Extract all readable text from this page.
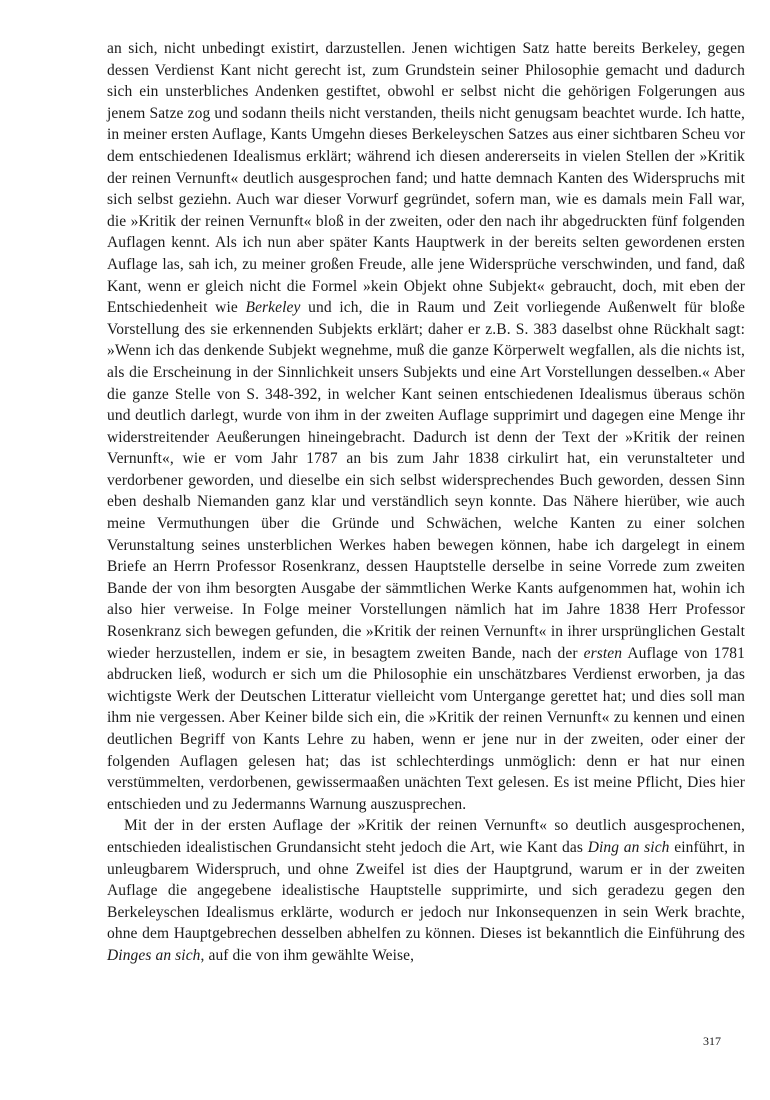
an sich, nicht unbedingt existirt, darzustellen. Jenen wichtigen Satz hatte bereits Berkeley, gegen dessen Verdienst Kant nicht gerecht ist, zum Grundstein seiner Philosophie gemacht und dadurch sich ein unsterbliches Andenken gestiftet, obwohl er selbst nicht die gehörigen Folgerungen aus jenem Satze zog und sodann theils nicht verstanden, theils nicht genugsam beachtet wurde. Ich hatte, in meiner ersten Auflage, Kants Umgehn dieses Berkeleyschen Satzes aus einer sichtbaren Scheu vor dem entschiedenen Idealismus erklärt; während ich diesen andererseits in vielen Stellen der »Kritik der reinen Vernunft« deutlich ausgesprochen fand; und hatte demnach Kanten des Widerspruchs mit sich selbst geziehn. Auch war dieser Vorwurf gegründet, sofern man, wie es damals mein Fall war, die »Kritik der reinen Vernunft« bloß in der zweiten, oder den nach ihr abgedruckten fünf folgenden Auflagen kennt. Als ich nun aber später Kants Hauptwerk in der bereits selten gewordenen ersten Auflage las, sah ich, zu meiner großen Freude, alle jene Widersprüche verschwinden, und fand, daß Kant, wenn er gleich nicht die Formel »kein Objekt ohne Subjekt« gebraucht, doch, mit eben der Entschiedenheit wie Berkeley und ich, die in Raum und Zeit vorliegende Außenwelt für bloße Vorstellung des sie erkennenden Subjekts erklärt; daher er z.B. S. 383 daselbst ohne Rückhalt sagt: »Wenn ich das denkende Subjekt wegnehme, muß die ganze Körperwelt wegfallen, als die nichts ist, als die Erscheinung in der Sinnlichkeit unsers Subjekts und eine Art Vorstellungen desselben.« Aber die ganze Stelle von S. 348-392, in welcher Kant seinen entschiedenen Idealismus überaus schön und deutlich darlegt, wurde von ihm in der zweiten Auflage supprimirt und dagegen eine Menge ihr widerstreitender Aeußerungen hineingebracht. Dadurch ist denn der Text der »Kritik der reinen Vernunft«, wie er vom Jahr 1787 an bis zum Jahr 1838 cirkulirt hat, ein verunstalteter und verdorbener geworden, und dieselbe ein sich selbst widersprechendes Buch geworden, dessen Sinn eben deshalb Niemanden ganz klar und verständlich seyn konnte. Das Nähere hierüber, wie auch meine Vermuthungen über die Gründe und Schwächen, welche Kanten zu einer solchen Verunstaltung seines unsterblichen Werkes haben bewegen können, habe ich dargelegt in einem Briefe an Herrn Professor Rosenkranz, dessen Hauptstelle derselbe in seine Vorrede zum zweiten Bande der von ihm besorgten Ausgabe der sämmtlichen Werke Kants aufgenommen hat, wohin ich also hier verweise. In Folge meiner Vorstellungen nämlich hat im Jahre 1838 Herr Professor Rosenkranz sich bewegen gefunden, die »Kritik der reinen Vernunft« in ihrer ursprünglichen Gestalt wieder herzustellen, indem er sie, in besagtem zweiten Bande, nach der ersten Auflage von 1781 abdrucken ließ, wodurch er sich um die Philosophie ein unschätzbares Verdienst erworben, ja das wichtigste Werk der Deutschen Litteratur vielleicht vom Untergange gerettet hat; und dies soll man ihm nie vergessen. Aber Keiner bilde sich ein, die »Kritik der reinen Vernunft« zu kennen und einen deutlichen Begriff von Kants Lehre zu haben, wenn er jene nur in der zweiten, oder einer der folgenden Auflagen gelesen hat; das ist schlechterdings unmöglich: denn er hat nur einen verstümmelten, verdorbenen, gewissermaaßen unächten Text gelesen. Es ist meine Pflicht, Dies hier entschieden und zu Jedermanns Warnung auszusprechen.

Mit der in der ersten Auflage der »Kritik der reinen Vernunft« so deutlich ausgesprochenen, entschieden idealistischen Grundansicht steht jedoch die Art, wie Kant das Ding an sich einführt, in unleugbarem Widerspruch, und ohne Zweifel ist dies der Hauptgrund, warum er in der zweiten Auflage die angegebene idealistische Hauptstelle supprimirte, und sich geradezu gegen den Berkeleyschen Idealismus erklärte, wodurch er jedoch nur Inkonsequenzen in sein Werk brachte, ohne dem Hauptgebrechen desselben abhelfen zu können. Dieses ist bekanntlich die Einführung des Dinges an sich, auf die von ihm gewählte Weise,

317
